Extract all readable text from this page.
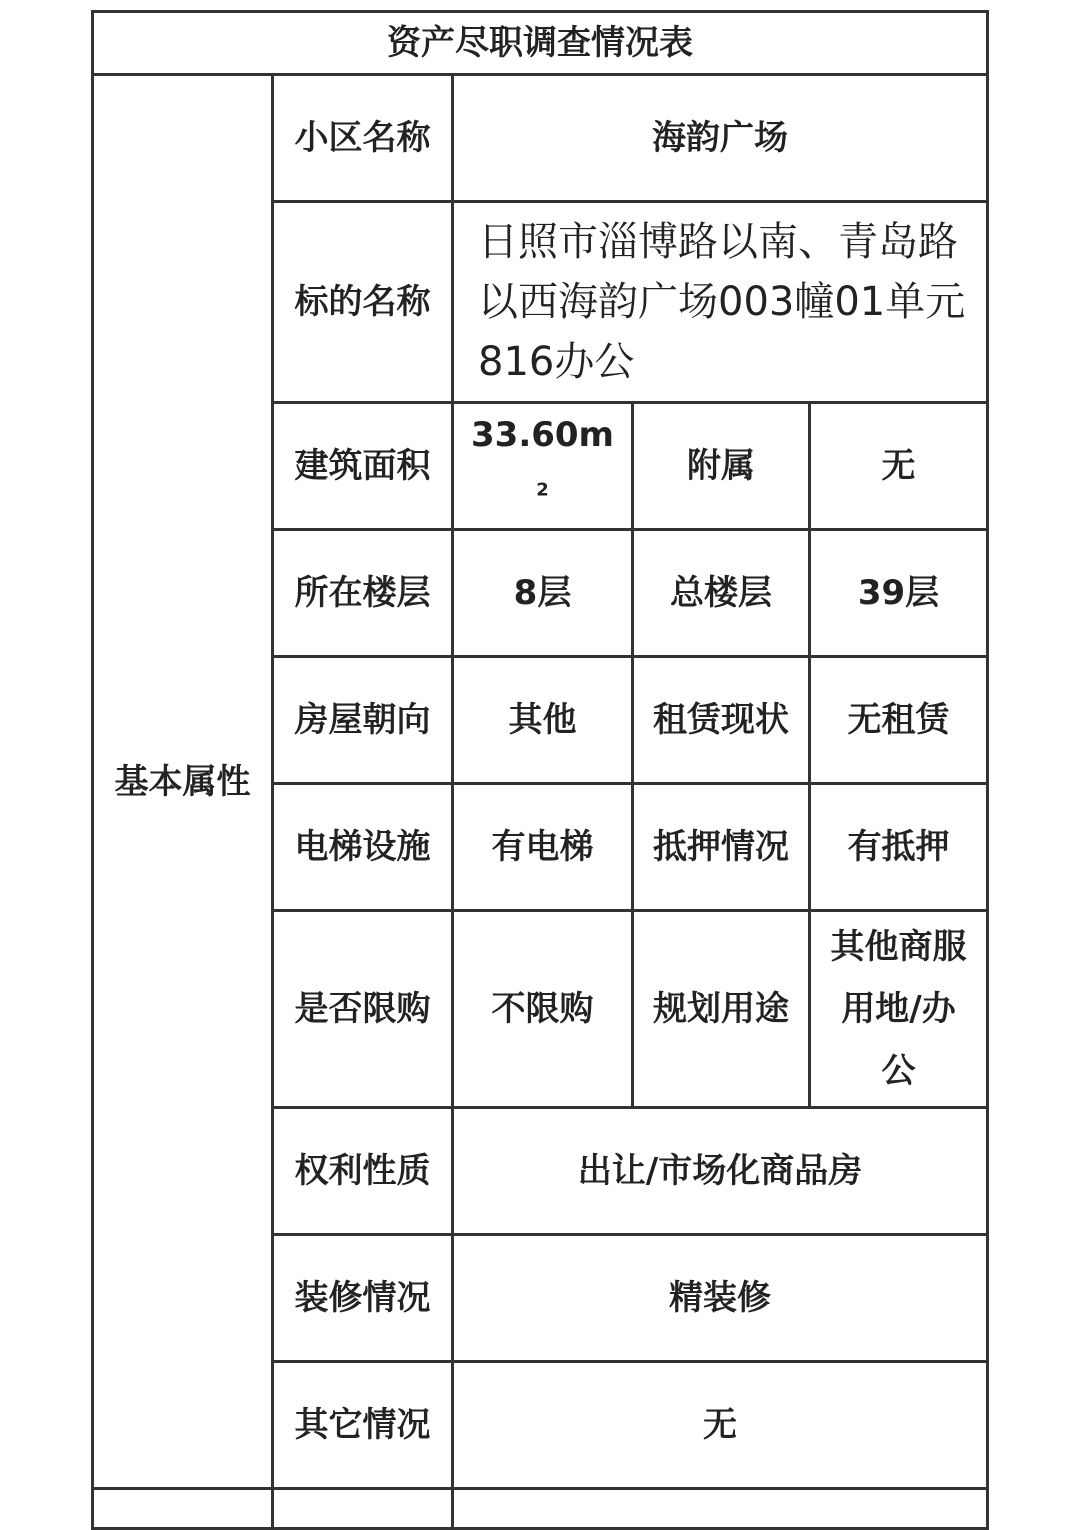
资产尽职调查情况表				
基本属性	小区名称	海韵广场		
	标的名称	日照市淄博路以南、青岛路以西海韵广场003幢01单元816办公		
	建筑面积	$33.60m^2$	附属	无
	所在楼层	8层	总楼层	39层
	房屋朝向	其他	租赁现状	无租赁
	电梯设施	有电梯	抵押情况	有抵押
	是否限购	不限购	规划用途	其他商服用地/办公
	权利性质	出让/市场化商品房		
	装修情况	精装修		
	其它情况	无		
